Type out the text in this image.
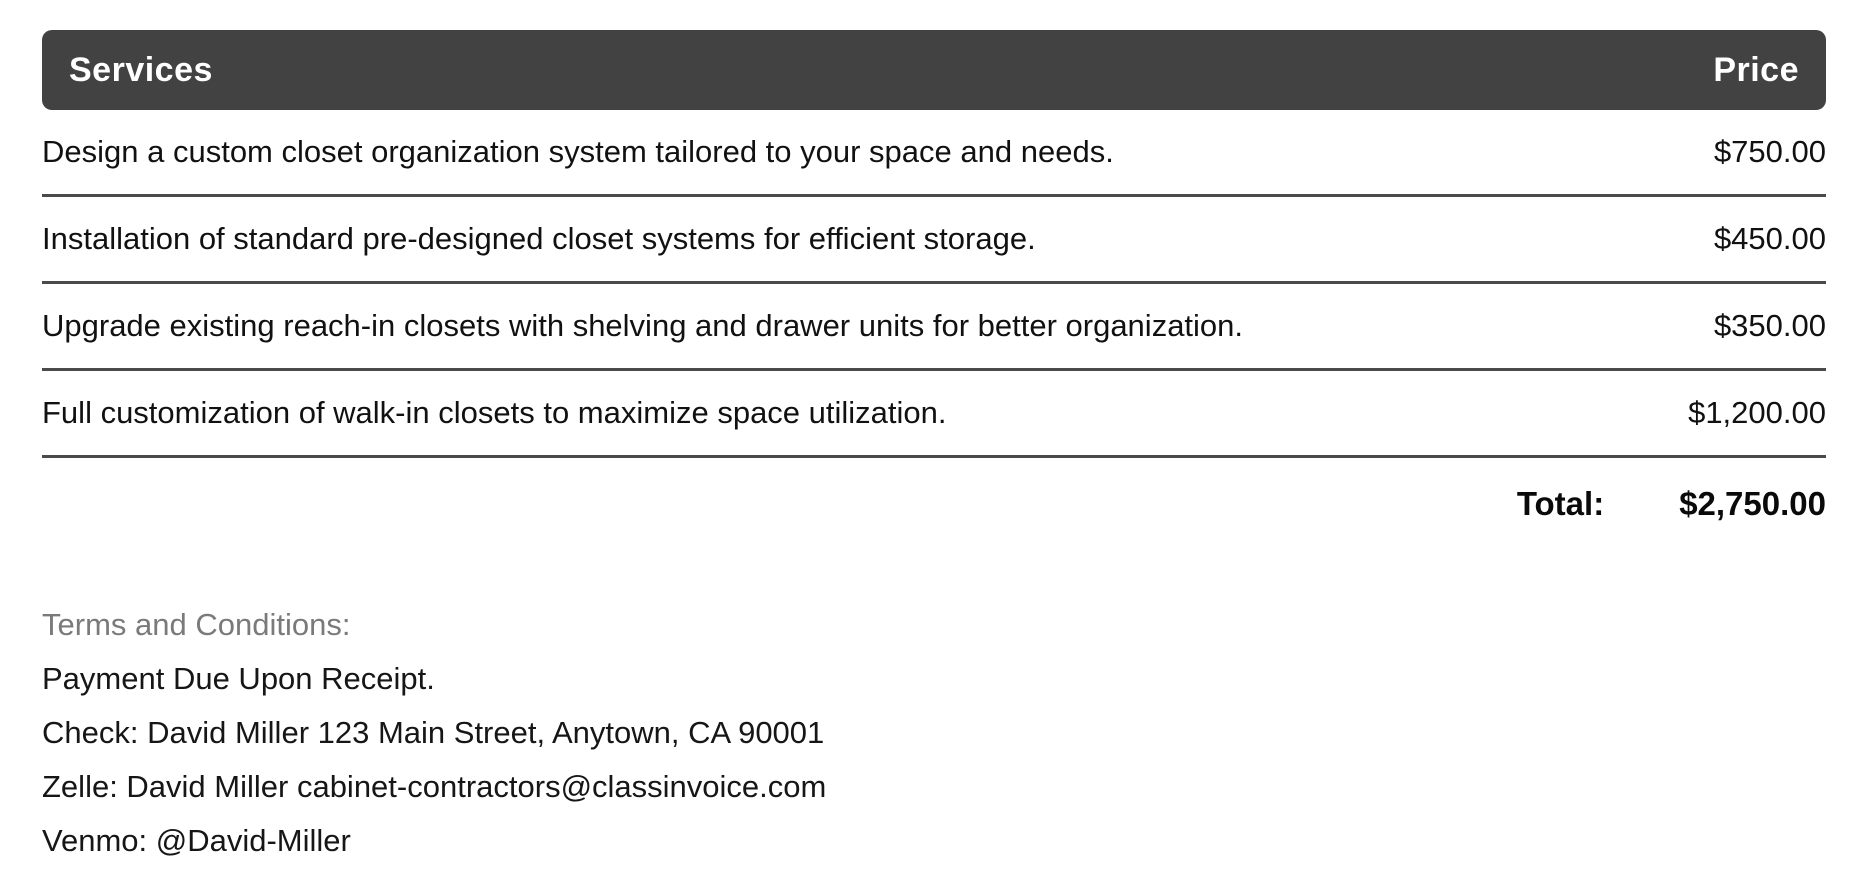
Services	Price
Design a custom closet organization system tailored to your space and needs.	$750.00
Installation of standard pre-designed closet systems for efficient storage.	$450.00
Upgrade existing reach-in closets with shelving and drawer units for better organization.	$350.00
Full customization of walk-in closets to maximize space utilization.	$1,200.00
Total: $2,750.00
Terms and Conditions:
Payment Due Upon Receipt.
Check: David Miller 123 Main Street, Anytown, CA 90001
Zelle: David Miller cabinet-contractors@classinvoice.com
Venmo: @David-Miller
